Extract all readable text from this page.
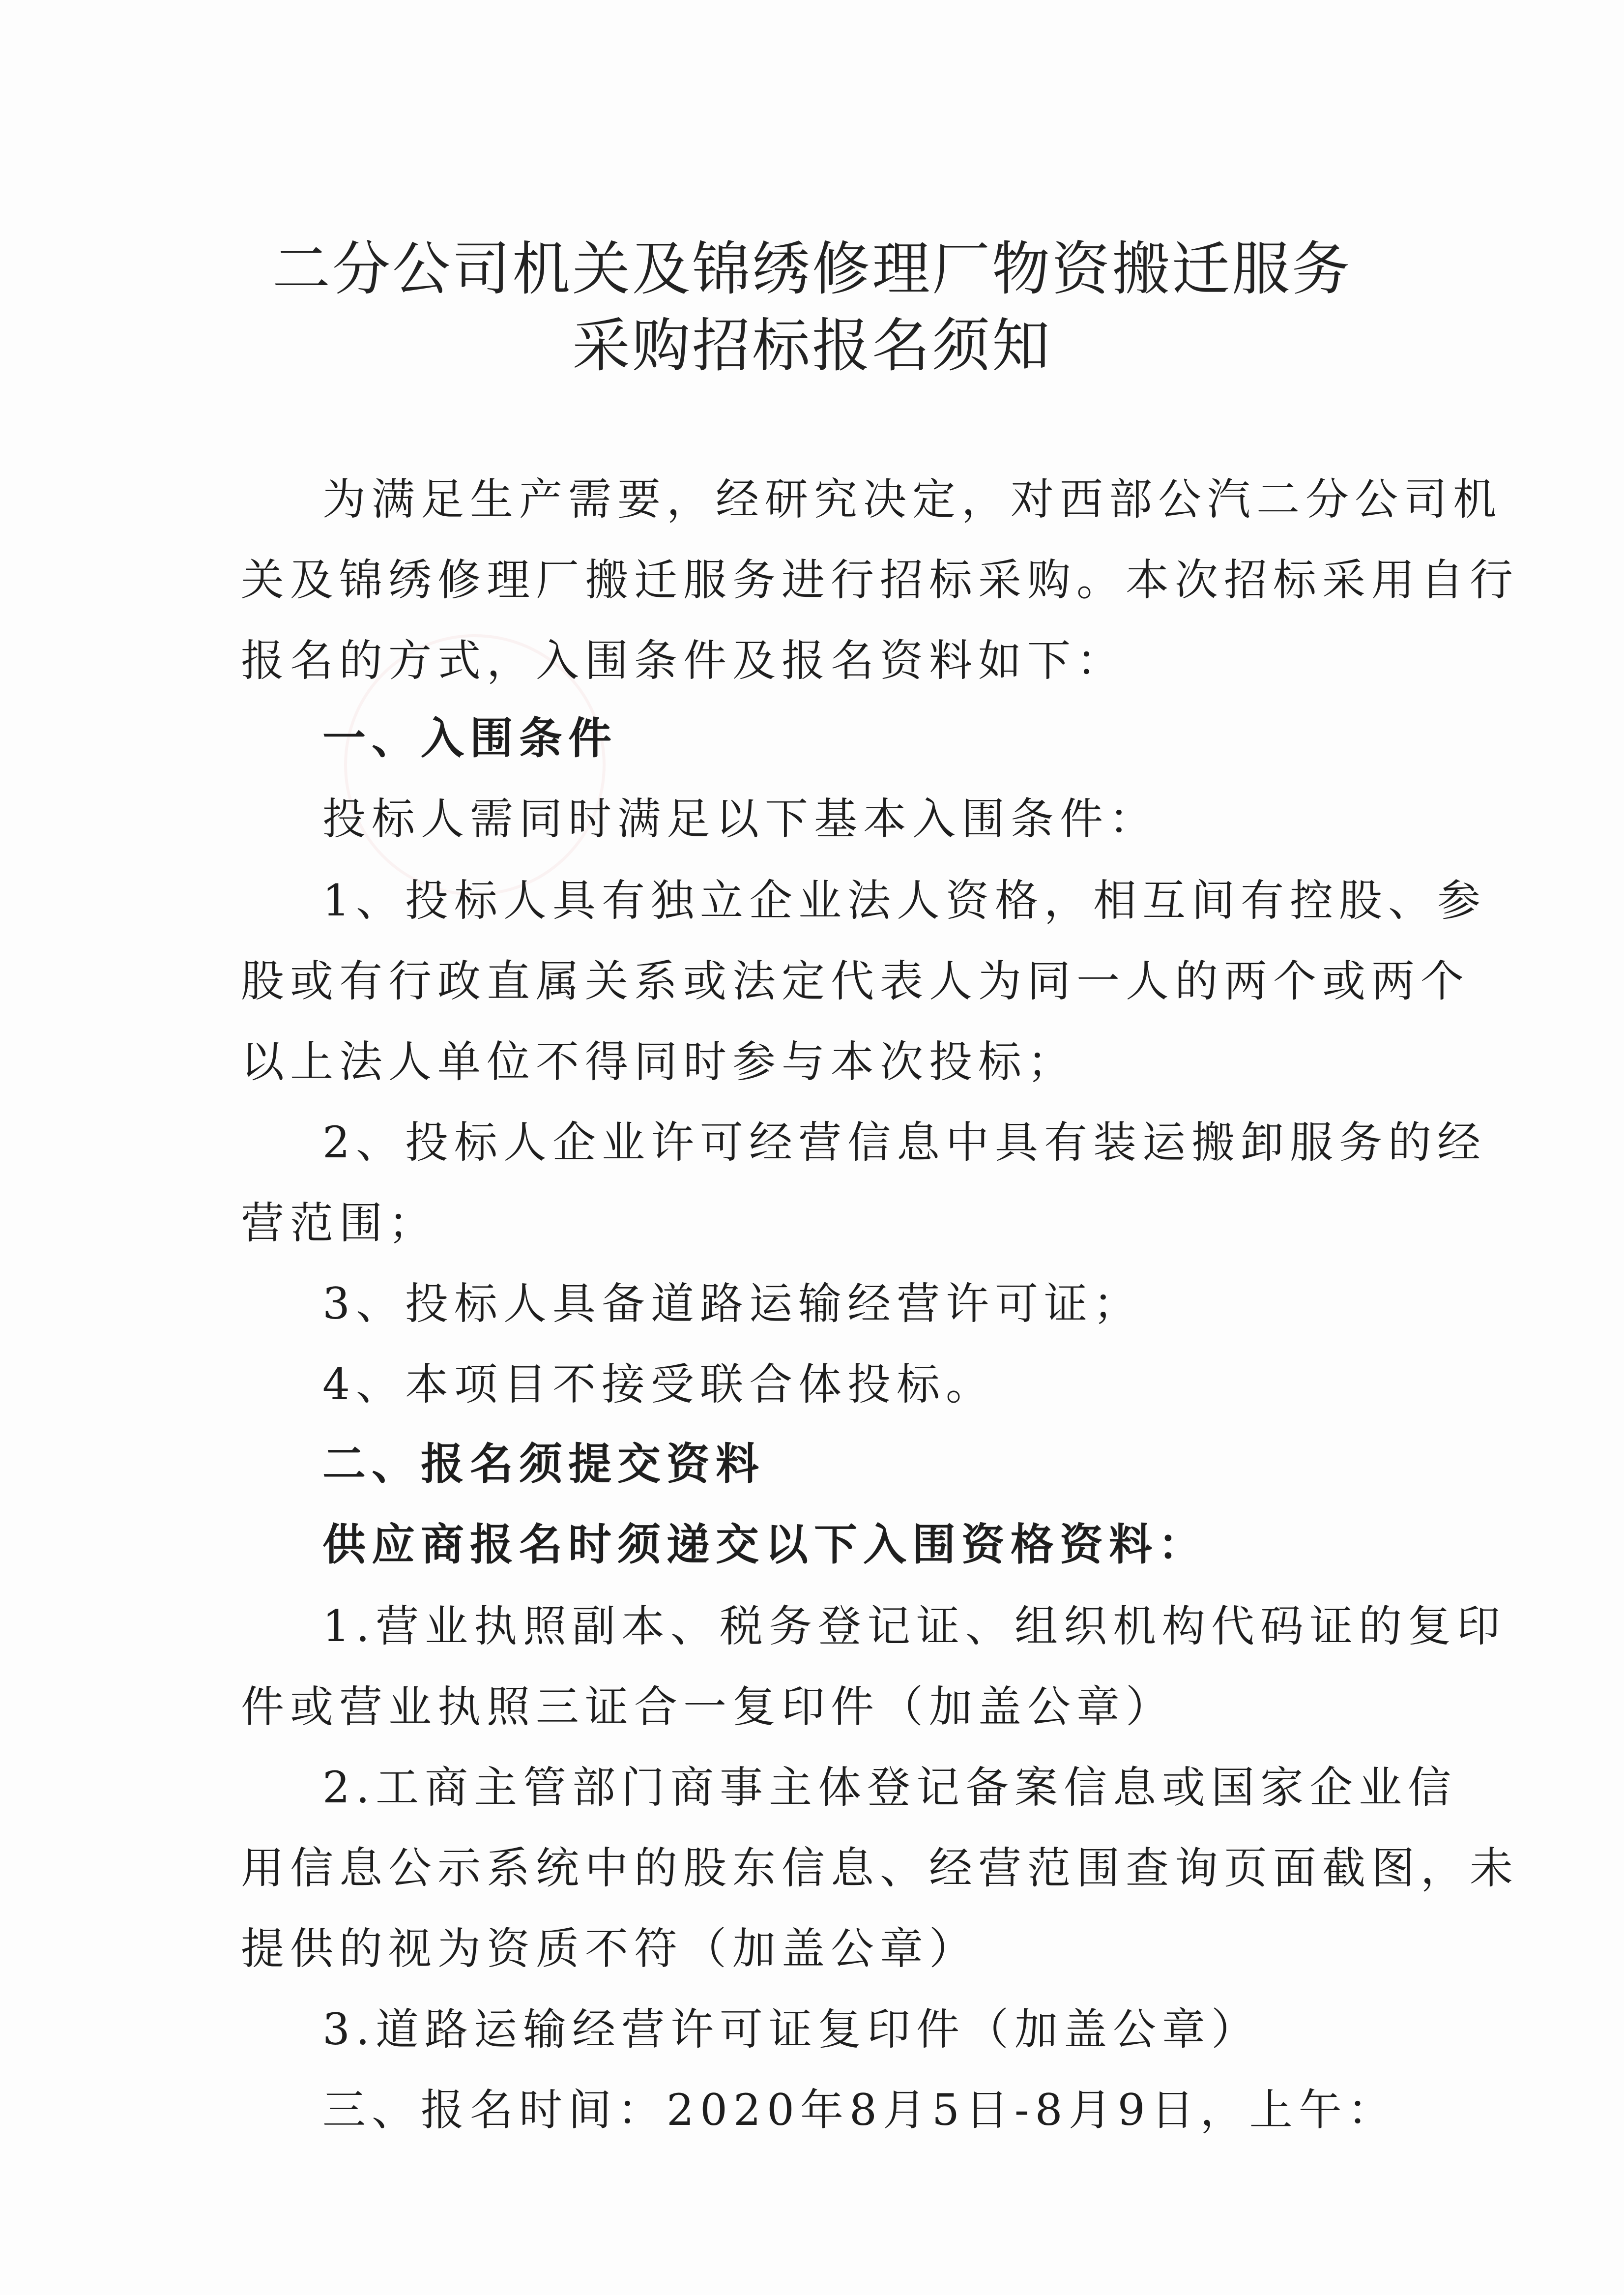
二分公司机关及锦绣修理厂物资搬迁服务
采购招标报名须知
为满足生产需要，经研究决定，对西部公汽二分公司机
关及锦绣修理厂搬迁服务进行招标采购。本次招标采用自行
报名的方式，入围条件及报名资料如下：
一、入围条件
投标人需同时满足以下基本入围条件：
1、投标人具有独立企业法人资格，相互间有控股、参
股或有行政直属关系或法定代表人为同一人的两个或两个
以上法人单位不得同时参与本次投标；
2、投标人企业许可经营信息中具有装运搬卸服务的经
营范围；
3、投标人具备道路运输经营许可证；
4、本项目不接受联合体投标。
二、报名须提交资料
供应商报名时须递交以下入围资格资料：
1.营业执照副本、税务登记证、组织机构代码证的复印
件或营业执照三证合一复印件（加盖公章）
2.工商主管部门商事主体登记备案信息或国家企业信
用信息公示系统中的股东信息、经营范围查询页面截图，未
提供的视为资质不符（加盖公章）
3.道路运输经营许可证复印件（加盖公章）
三、报名时间：2020年8月5日-8月9日，上午：
